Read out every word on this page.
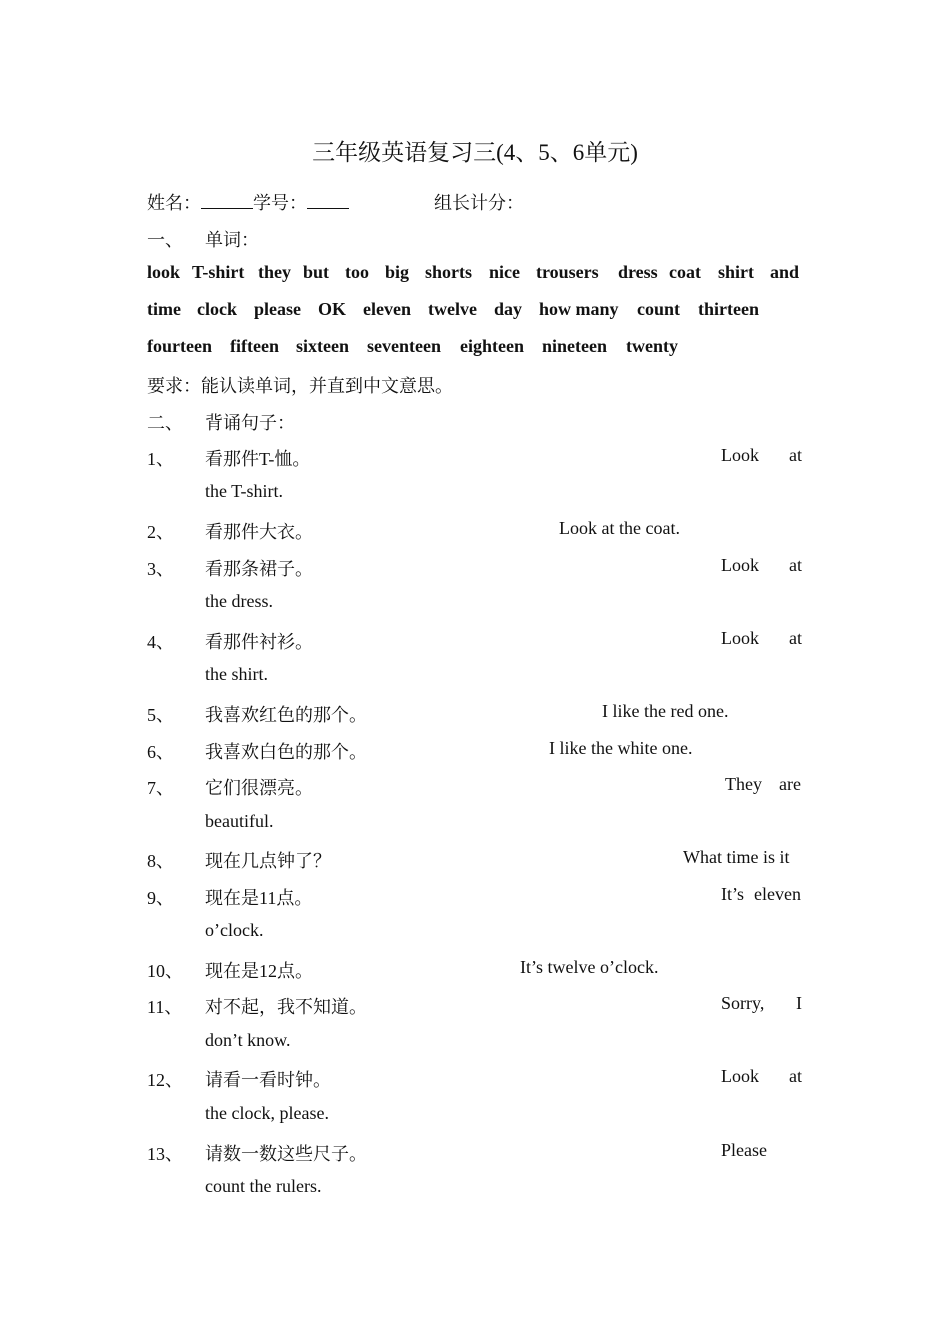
三年级英语复习三(4、5、6单元)
姓名：	学号：	组长计分：
一、 单词：
look T-shirt they but too big shorts nice trousers dress coat shirt and
time clock please OK eleven twelve day how many count thirteen
fourteen fifteen sixteen seventeen eighteen nineteen twenty
要求：能认读单词，并直到中文意思。
二、 背诵句子：
1、 看那件T-恤。	Look at
the T-shirt.
2、 看那件大衣。	Look at the coat.
3、 看那条裙子。	Look at
the dress.
4、 看那件衬衫。	Look at
the shirt.
5、 我喜欢红色的那个。	I like the red one.
6、 我喜欢白色的那个。	I like the white one.
7、 它们很漂亮。	They are
beautiful.
8、 现在几点钟了？	What time is it
9、 现在是11点。	It’s eleven
o’clock.
10、 现在是12点。	It’s twelve o’clock.
11、 对不起，我不知道。	Sorry, I
don’t know.
12、 请看一看时钟。	Look at
the clock, please.
13、 请数一数这些尺子。	Please
count the rulers.
